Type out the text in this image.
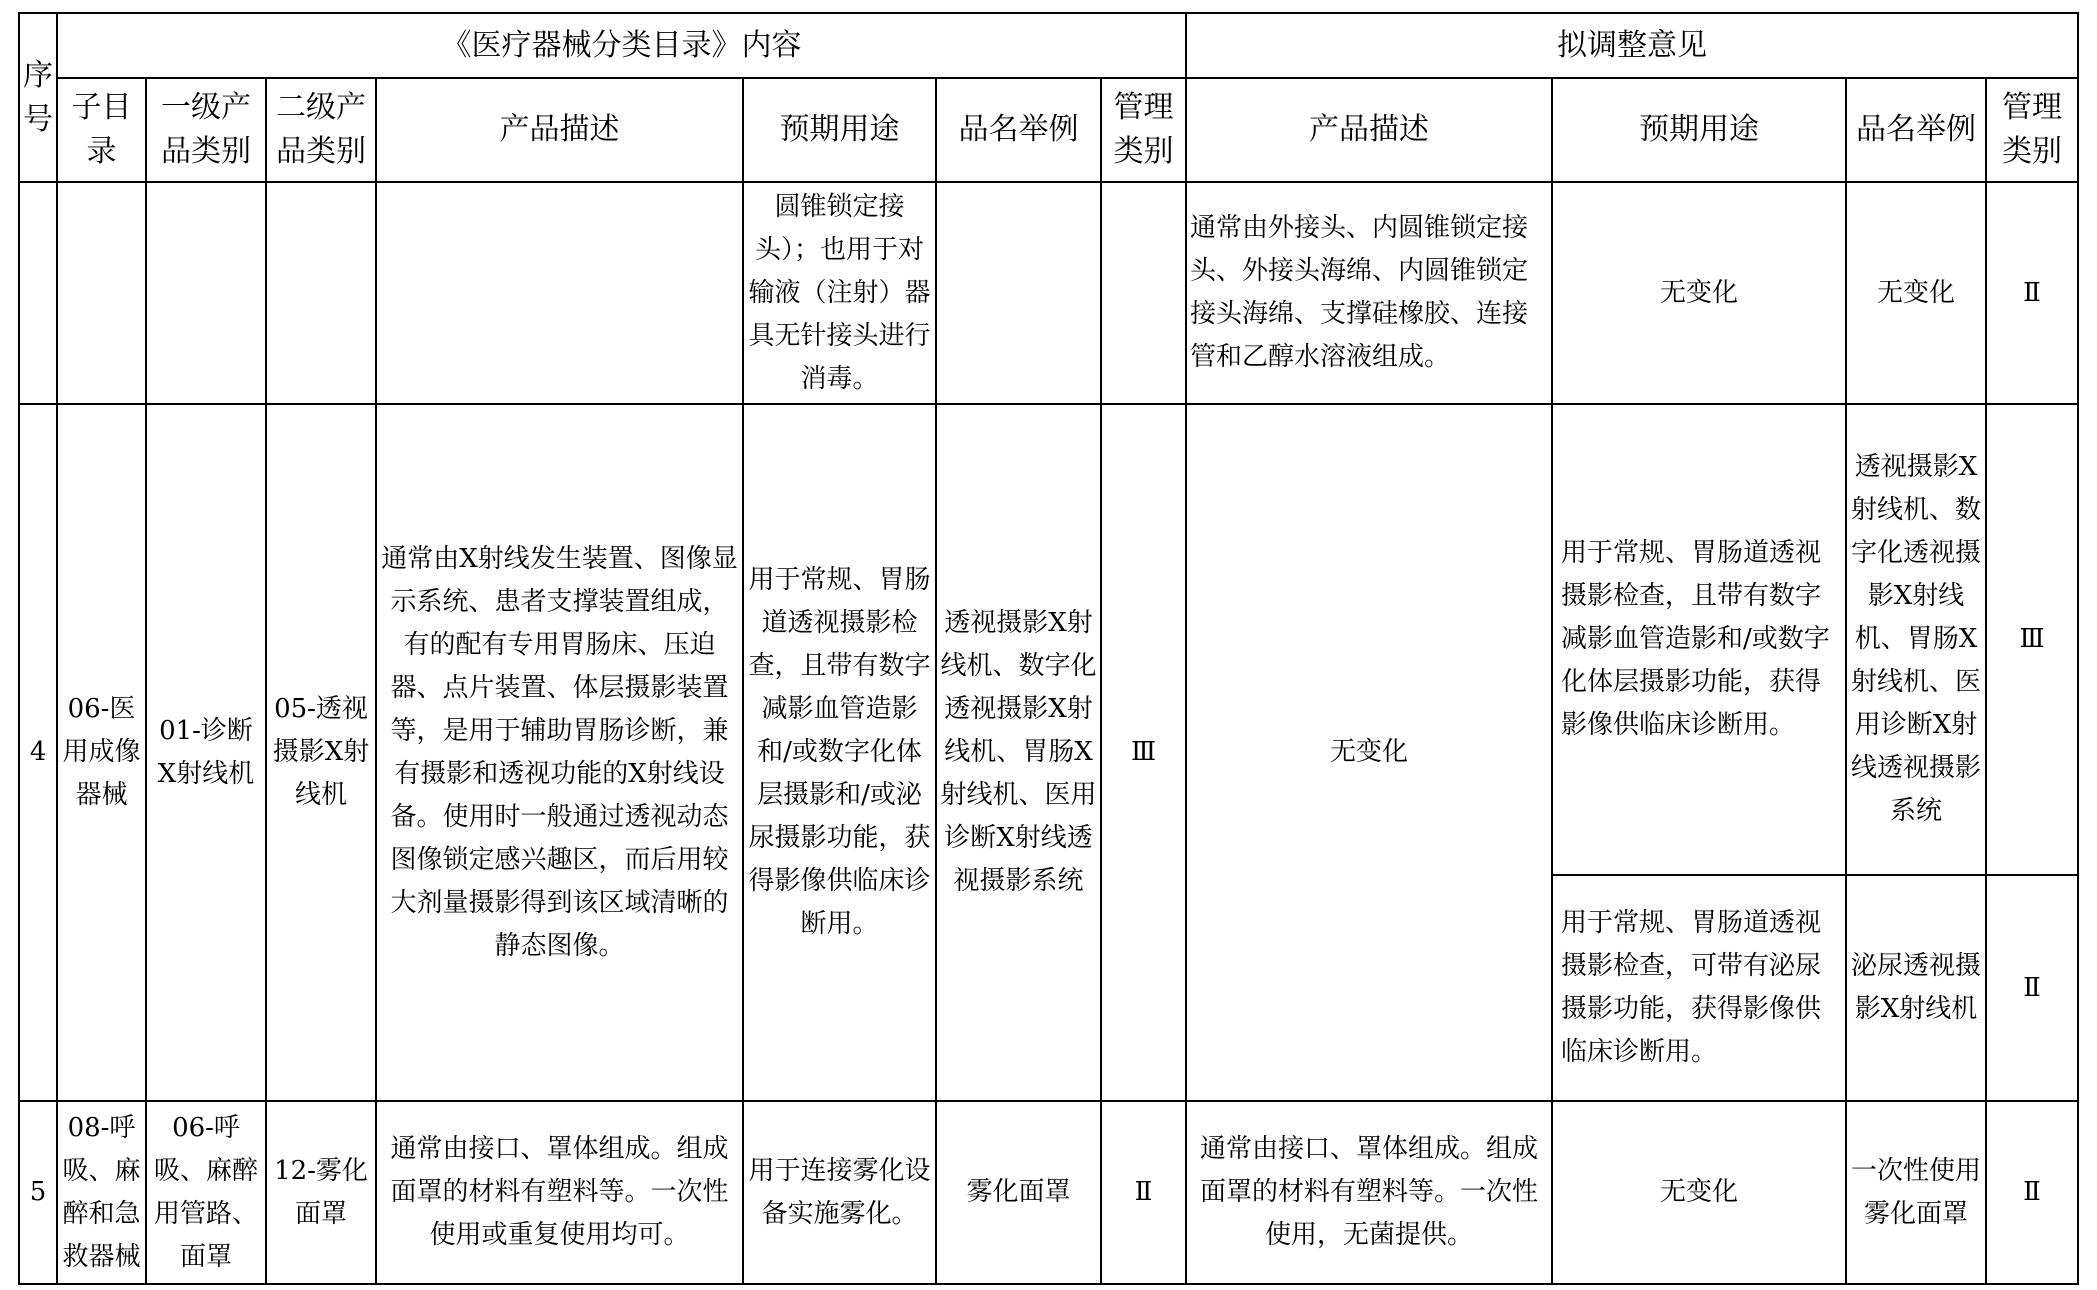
序号	《医疗器械分类目录》内容							拟调整意见			
	子目录	一级产品类别	二级产品类别	产品描述	预期用途	品名举例	管理类别	产品描述	预期用途	品名举例	管理类别
					圆锥锁定接头）；也用于对输液（注射）器具无针接头进行消毒。			通常由外接头、内圆锥锁定接头、外接头海绵、内圆锥锁定接头海绵、支撑硅橡胶、连接管和乙醇水溶液组成。	无变化	无变化	Ⅱ
4	06-医用成像器械	01-诊断X射线机	05-透视摄影X射线机	通常由X射线发生装置、图像显示系统、患者支撑装置组成，有的配有专用胃肠床、压迫器、点片装置、体层摄影装置等，是用于辅助胃肠诊断，兼有摄影和透视功能的X射线设备。使用时一般通过透视动态图像锁定感兴趣区，而后用较大剂量摄影得到该区域清晰的静态图像。	用于常规、胃肠道透视摄影检查，且带有数字减影血管造影和/或数字化体层摄影和/或泌尿摄影功能，获得影像供临床诊断用。	透视摄影X射线机、数字化透视摄影X射线机、胃肠X射线机、医用诊断X射线透视摄影系统	Ⅲ	无变化	用于常规、胃肠道透视摄影检查，且带有数字减影血管造影和/或数字化体层摄影功能，获得影像供临床诊断用。	透视摄影X射线机、数字化透视摄影X射线机、胃肠X射线机、医用诊断X射线透视摄影系统	Ⅲ
									用于常规、胃肠道透视摄影检查，可带有泌尿摄影功能，获得影像供临床诊断用。	泌尿透视摄影X射线机	Ⅱ
5	08-呼吸、麻醉和急救器械	06-呼吸、麻醉用管路、面罩	12-雾化面罩	通常由接口、罩体组成。组成面罩的材料有塑料等。一次性使用或重复使用均可。	用于连接雾化设备实施雾化。	雾化面罩	Ⅱ	通常由接口、罩体组成。组成面罩的材料有塑料等。一次性使用，无菌提供。	无变化	一次性使用雾化面罩	Ⅱ
